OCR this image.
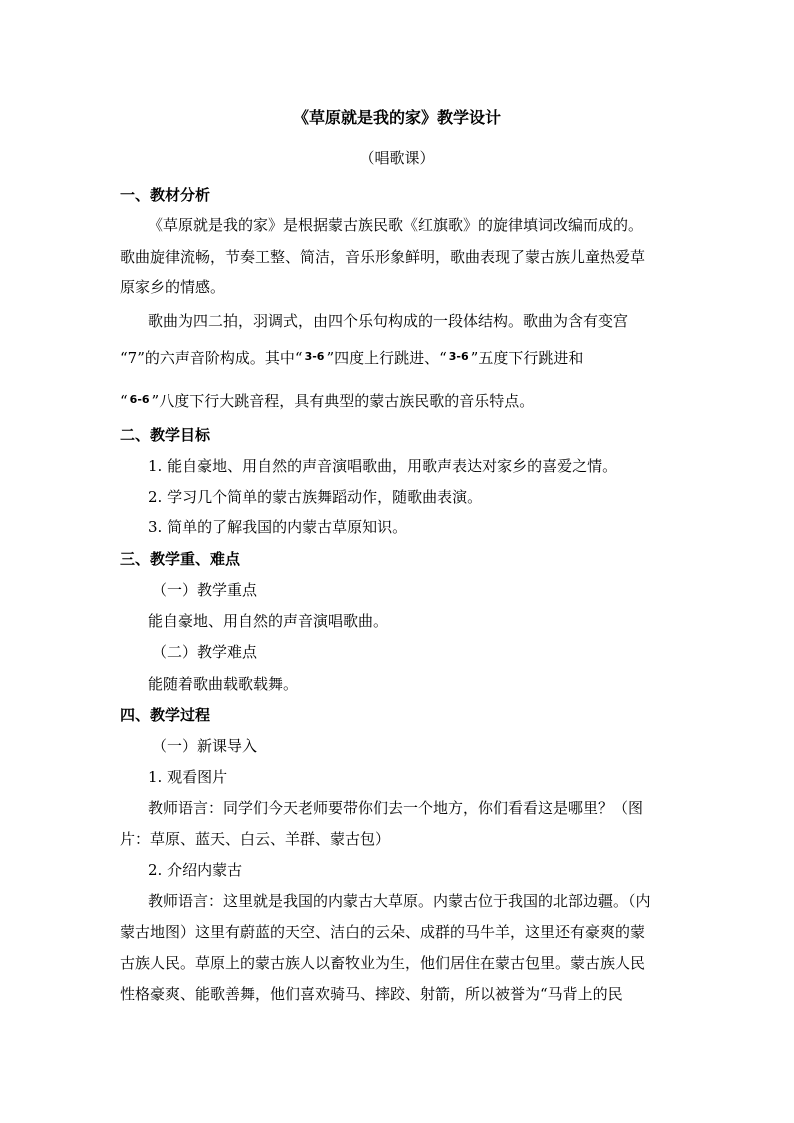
《草原就是我的家》教学设计
（唱歌课）
一、教材分析
《草原就是我的家》是根据蒙古族民歌《红旗歌》的旋律填词改编而成的。
歌曲旋律流畅，节奏工整、简洁，音乐形象鲜明，歌曲表现了蒙古族儿童热爱草
原家乡的情感。
歌曲为四二拍，羽调式，由四个乐句构成的一段体结构。歌曲为含有变宫
“7”的六声音阶构成。其中“ $^{3-6}$ ”四度上行跳进、“ $^{3-6}$ ”五度下行跳进和
“ $^{6-6}$ ”八度下行大跳音程，具有典型的蒙古族民歌的音乐特点。
二、教学目标
1. 能自豪地、用自然的声音演唱歌曲，用歌声表达对家乡的喜爱之情。
2. 学习几个简单的蒙古族舞蹈动作，随歌曲表演。
3. 简单的了解我国的内蒙古草原知识。
三、教学重、难点
（一）教学重点
能自豪地、用自然的声音演唱歌曲。
（二）教学难点
能随着歌曲载歌载舞。
四、教学过程
（一）新课导入
1. 观看图片
教师语言：同学们今天老师要带你们去一个地方，你们看看这是哪里？（图
片：草原、蓝天、白云、羊群、蒙古包）
2. 介绍内蒙古
教师语言：这里就是我国的内蒙古大草原。内蒙古位于我国的北部边疆。（内
蒙古地图）这里有蔚蓝的天空、洁白的云朵、成群的马牛羊，这里还有豪爽的蒙
古族人民。草原上的蒙古族人以畜牧业为生，他们居住在蒙古包里。蒙古族人民
性格豪爽、能歌善舞，他们喜欢骑马、摔跤、射箭，所以被誉为“马背上的民
